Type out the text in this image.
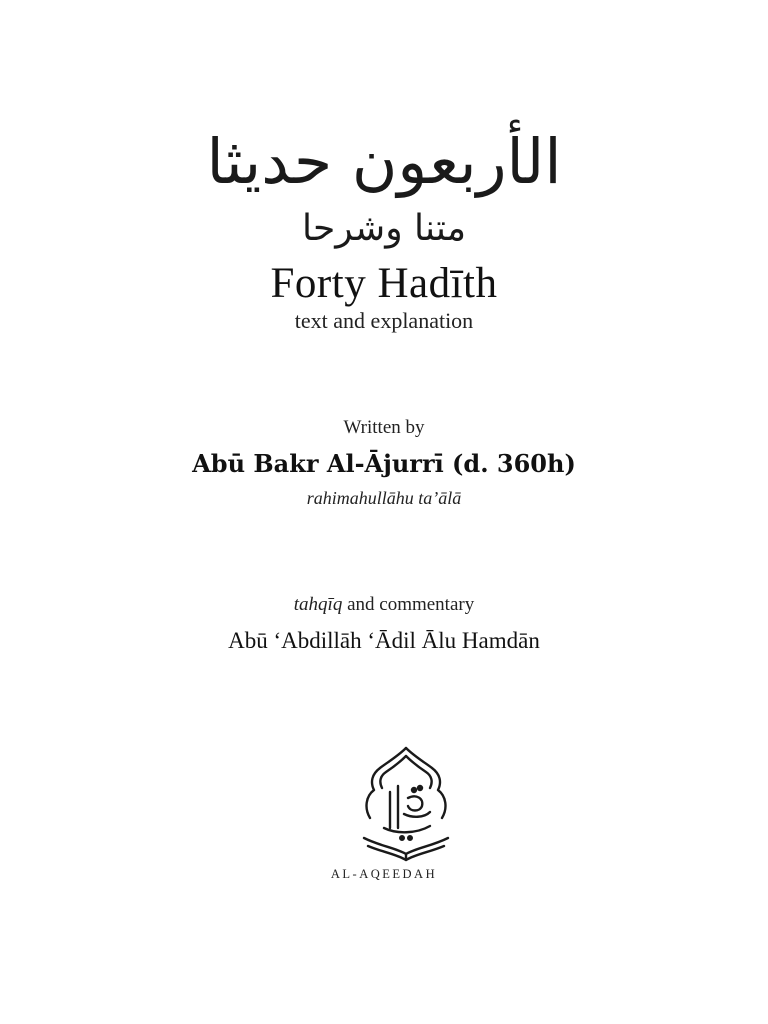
الأربعون حديثا
متنا وشرحا
Forty Hadīth
text and explanation
Written by
Abū Bakr Al-Ājurrī (d. 360h)
rahimahullāhu ta’ālā
tahqīq and commentary
Abū ‘Abdillāh ‘Ādil Ālu Hamdān
AL-AQEEDAH
